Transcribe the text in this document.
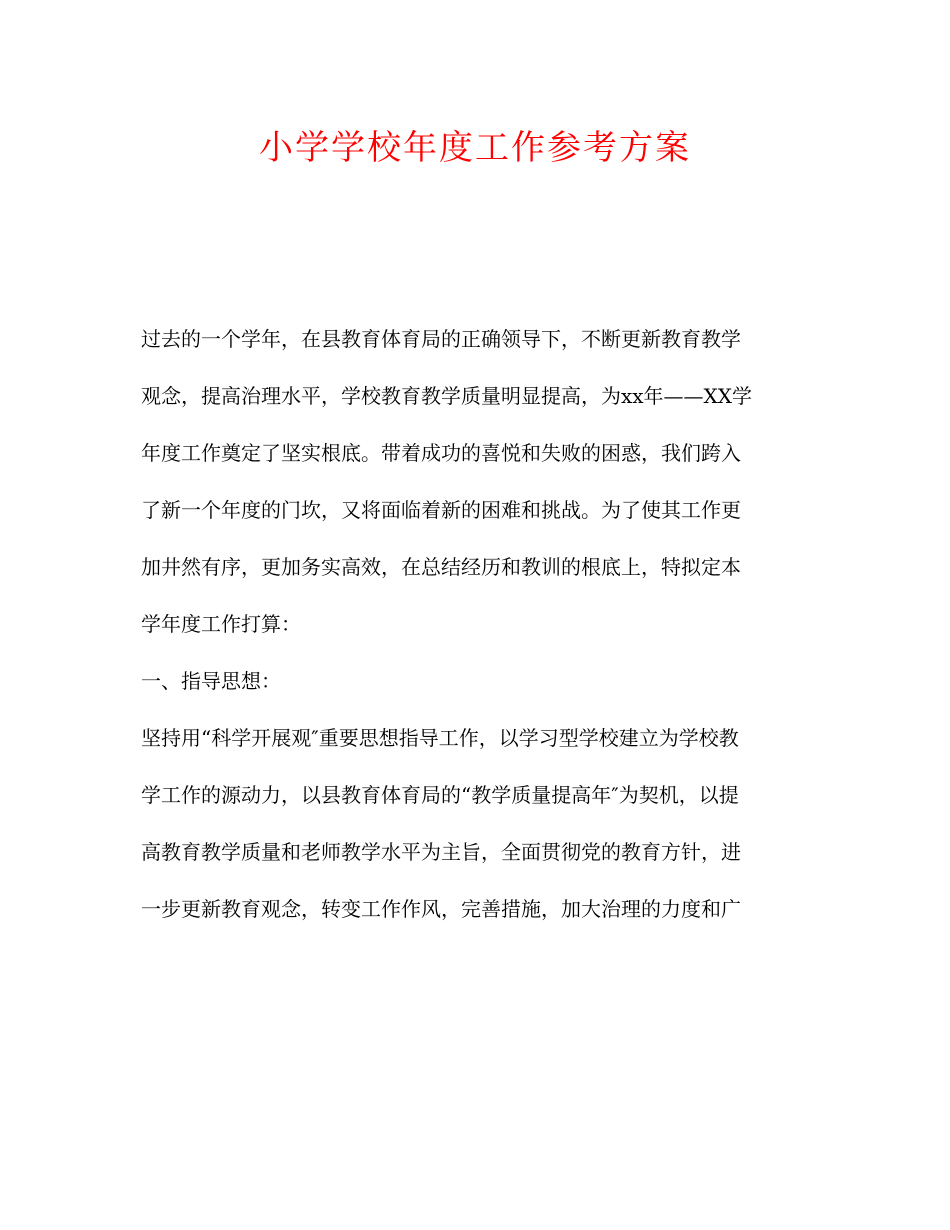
小学学校年度工作参考方案
过去的一个学年，在县教育体育局的正确领导下，不断更新教育教学
观念，提高治理水平，学校教育教学质量明显提高，为xx年——XX学
年度工作奠定了坚实根底。带着成功的喜悦和失败的困惑，我们跨入
了新一个年度的门坎，又将面临着新的困难和挑战。为了使其工作更
加井然有序，更加务实高效，在总结经历和教训的根底上，特拟定本
学年度工作打算：
一、指导思想：
坚持用“科学开展观″重要思想指导工作，以学习型学校建立为学校教
学工作的源动力，以县教育体育局的“教学质量提高年″为契机，以提
高教育教学质量和老师教学水平为主旨，全面贯彻党的教育方针，进
一步更新教育观念，转变工作作风，完善措施，加大治理的力度和广
